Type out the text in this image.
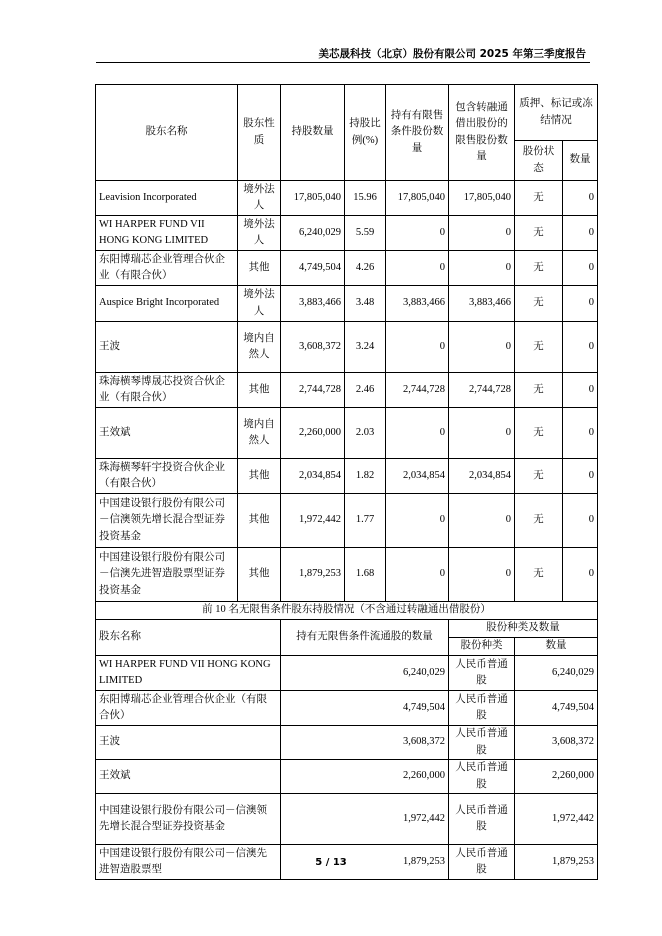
美芯晟科技（北京）股份有限公司 2025 年第三季度报告
股东名称	股东性质	持股数量	持股比例(%)	持有有限售条件股份数量	包含转融通借出股份的限售股份数量	质押、标记或冻结情况	
						股份状态	数量
Leavision Incorporated	境外法人	17,805,040	15.96	17,805,040	17,805,040	无	0
WI HARPER FUND VII HONG KONG LIMITED	境外法人	6,240,029	5.59	0	0	无	0
东阳博瑞芯企业管理合伙企业（有限合伙）	其他	4,749,504	4.26	0	0	无	0
Auspice Bright Incorporated	境外法人	3,883,466	3.48	3,883,466	3,883,466	无	0
王波	境内自然人	3,608,372	3.24	0	0	无	0
珠海横琴博晟芯投资合伙企业（有限合伙）	其他	2,744,728	2.46	2,744,728	2,744,728	无	0
王效斌	境内自然人	2,260,000	2.03	0	0	无	0
珠海横琴轩宇投资合伙企业（有限合伙）	其他	2,034,854	1.82	2,034,854	2,034,854	无	0
中国建设银行股份有限公司－信澳领先增长混合型证券投资基金	其他	1,972,442	1.77	0	0	无	0
中国建设银行股份有限公司－信澳先进智造股票型证券投资基金	其他	1,879,253	1.68	0	0	无	0
前 10 名无限售条件股东持股情况（不含通过转融通出借股份）							
股东名称		持有无限售条件流通股的数量			股份种类及数量		
					股份种类	数量	
WI HARPER FUND VII HONG KONG LIMITED		6,240,029			人民币普通股	6,240,029	
东阳博瑞芯企业管理合伙企业（有限合伙）		4,749,504			人民币普通股	4,749,504	
王波		3,608,372			人民币普通股	3,608,372	
王效斌		2,260,000			人民币普通股	2,260,000	
中国建设银行股份有限公司－信澳领先增长混合型证券投资基金		1,972,442			人民币普通股	1,972,442	
中国建设银行股份有限公司－信澳先进智造股票型		1,879,253			人民币普通股	1,879,253	
5 / 13
